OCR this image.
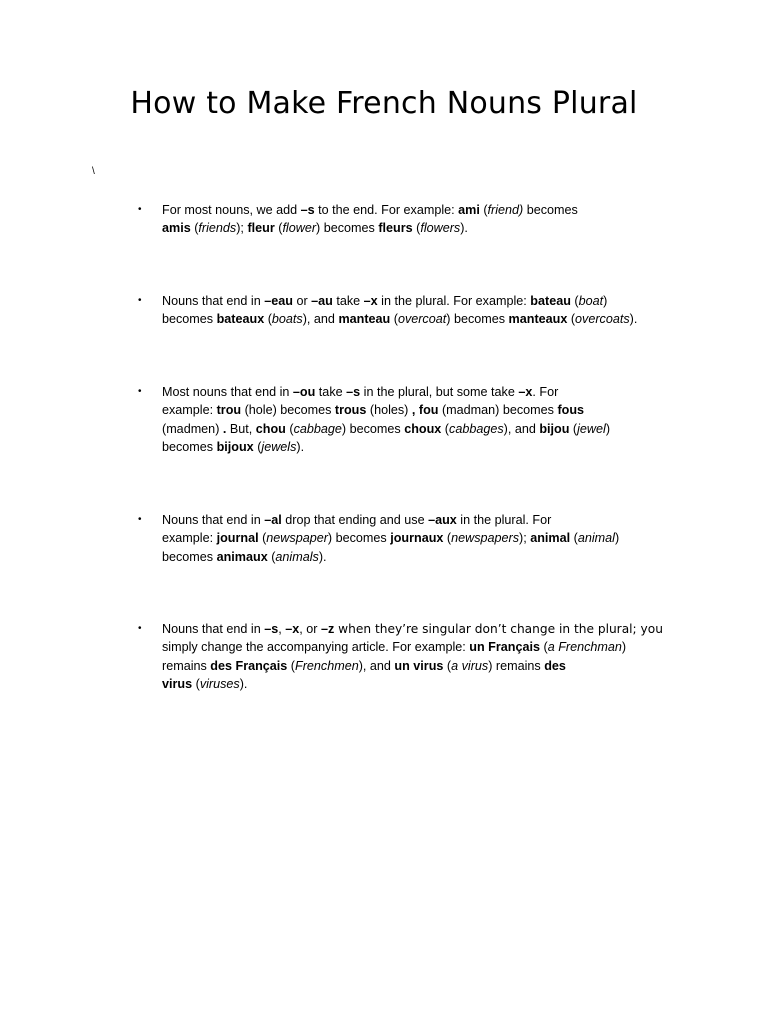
How to Make French Nouns Plural
\
• For most nouns, we add –s to the end. For example: ami (friend) becomes
amis (friends); fleur (flower) becomes fleurs (flowers).
• Nouns that end in –eau or –au take –x in the plural. For example: bateau (boat)
becomes bateaux (boats), and manteau (overcoat) becomes manteaux (overcoats).
• Most nouns that end in –ou take –s in the plural, but some take –x. For
example: trou (hole) becomes trous (holes) , fou (madman) becomes fous
(madmen) . But, chou (cabbage) becomes choux (cabbages), and bijou (jewel)
becomes bijoux (jewels).
• Nouns that end in –al drop that ending and use –aux in the plural. For
example: journal (newspaper) becomes journaux (newspapers); animal (animal)
becomes animaux (animals).
• Nouns that end in –s, –x, or –z when they’re singular don’t change in the plural; you
simply change the accompanying article. For example: un Français (a Frenchman)
remains des Français (Frenchmen), and un virus (a virus) remains des
virus (viruses).
